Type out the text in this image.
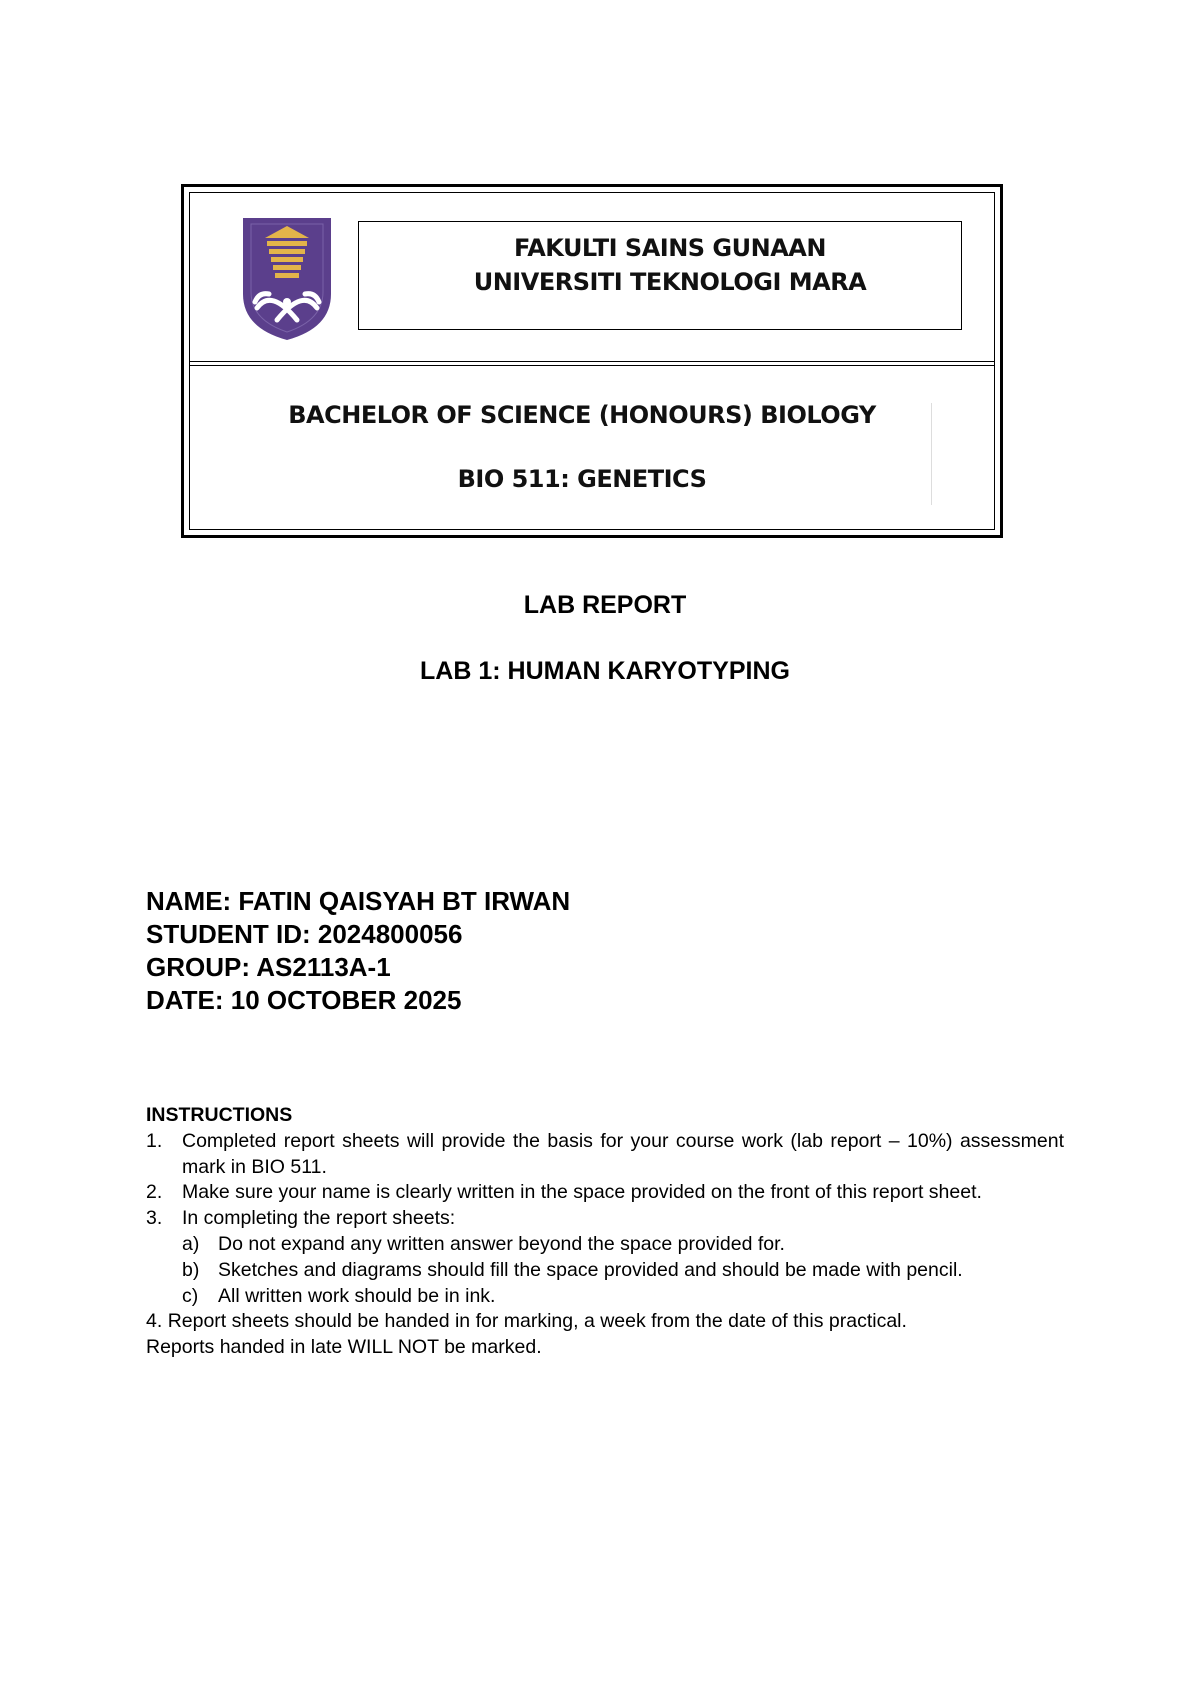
FAKULTI SAINS GUNAAN
UNIVERSITI TEKNOLOGI MARA
BACHELOR OF SCIENCE (HONOURS) BIOLOGY
BIO 511: GENETICS
LAB REPORT
LAB 1: HUMAN KARYOTYPING
NAME: FATIN QAISYAH BT IRWAN
STUDENT ID: 2024800056
GROUP: AS2113A-1
DATE: 10 OCTOBER 2025
INSTRUCTIONS
1. Completed report sheets will provide the basis for your course work (lab report – 10%) assessment mark in BIO 511.
2. Make sure your name is clearly written in the space provided on the front of this report sheet.
3. In completing the report sheets:
a) Do not expand any written answer beyond the space provided for.
b) Sketches and diagrams should fill the space provided and should be made with pencil.
c) All written work should be in ink.
4. Report sheets should be handed in for marking, a week from the date of this practical.
Reports handed in late WILL NOT be marked.
